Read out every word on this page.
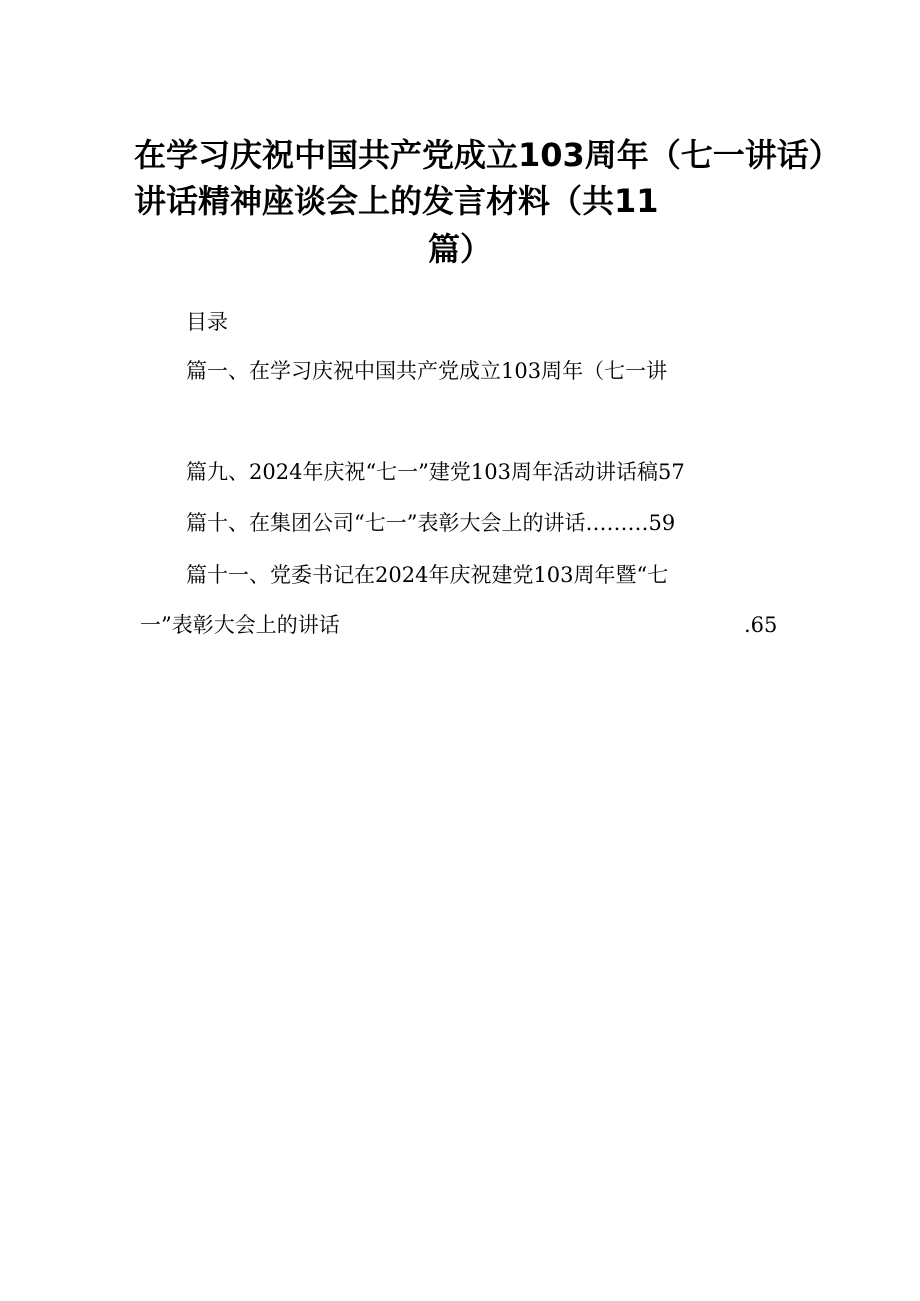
在学习庆祝中国共产党成立103周年（七一讲话）
讲话精神座谈会上的发言材料（共11
篇）
目录
篇一、在学习庆祝中国共产党成立103周年（七一讲
篇九、2024年庆祝“七一”建党103周年活动讲话稿57
篇十、在集团公司“七一”表彰大会上的讲话………59
篇十一、党委书记在2024年庆祝建党103周年暨“七
一”表彰大会上的讲话	.65
